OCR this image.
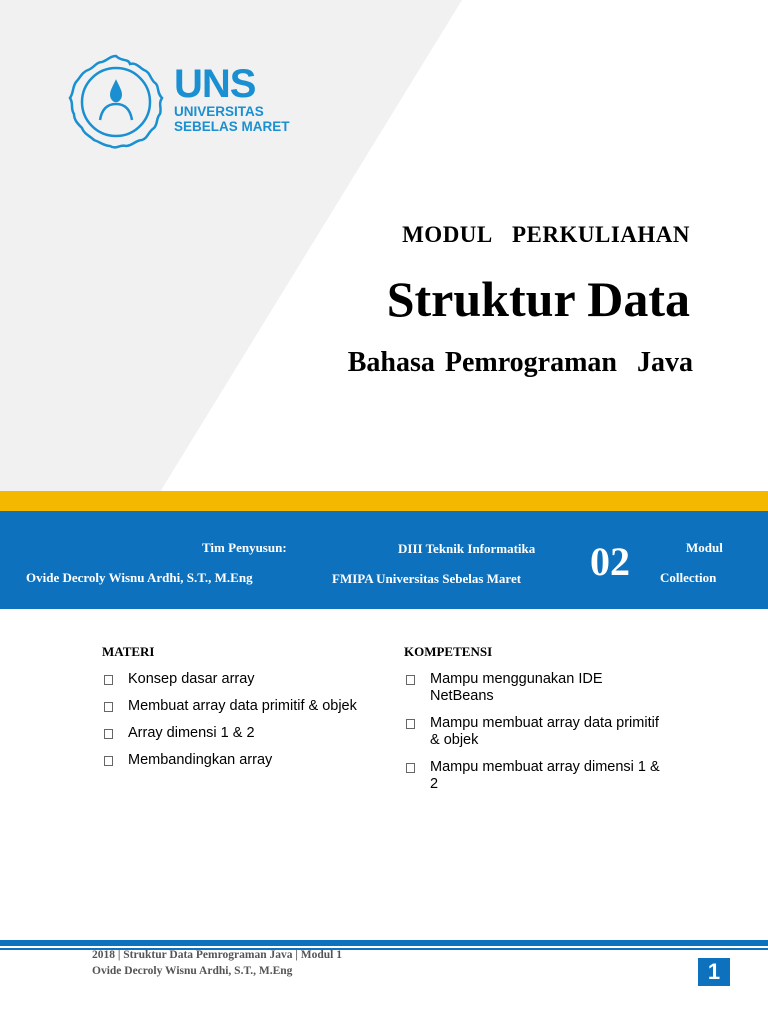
UNS
UNIVERSITAS
SEBELAS MARET
MODUL  PERKULIAHAN
Struktur Data
Bahasa Pemrograman  Java
Tim Penyusun:
Ovide Decroly Wisnu Ardhi, S.T., M.Eng
DIII Teknik Informatika
FMIPA Universitas Sebelas Maret 02	Modul
Collection
MATERI
Konsep dasar array
Membuat array data primitif & objek
Array dimensi 1 & 2
Membandingkan array
KOMPETENSI
Mampu menggunakan IDE NetBeans
Mampu membuat array data primitif & objek
Mampu membuat array dimensi 1 & 2
2018 | Struktur Data Pemrograman Java | Modul 1
Ovide Decroly Wisnu Ardhi, S.T., M.Eng	1
